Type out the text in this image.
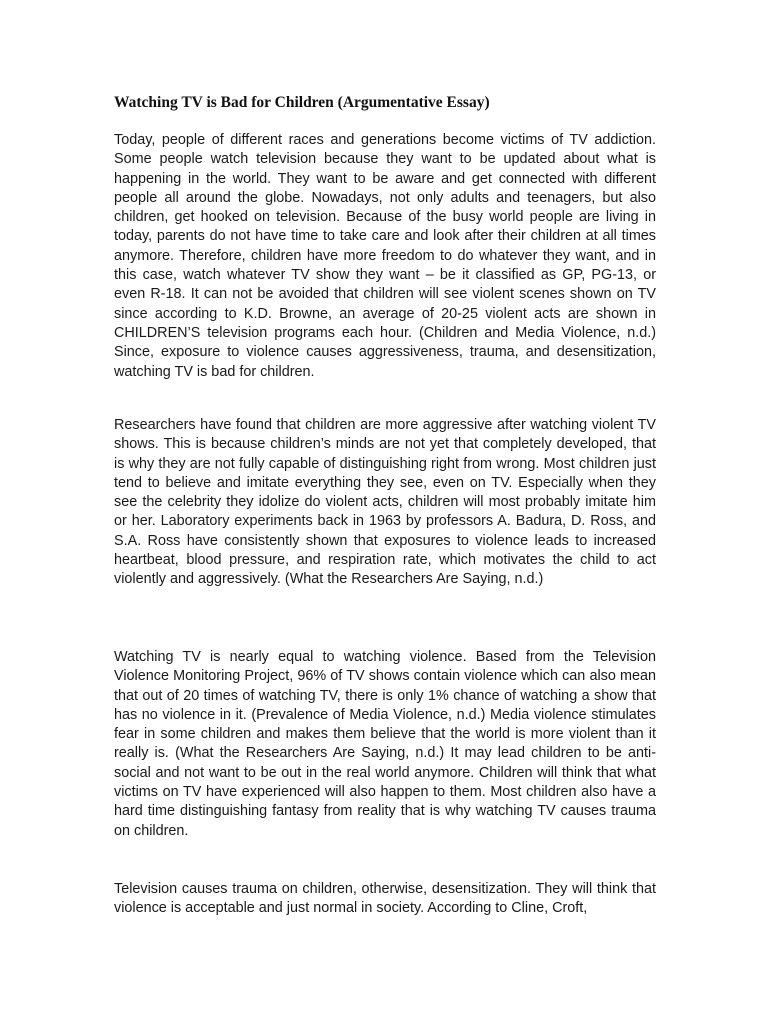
Watching TV is Bad for Children (Argumentative Essay)

Today, people of different races and generations become victims of TV addiction. Some people watch television because they want to be updated about what is happening in the world. They want to be aware and get connected with different people all around the globe. Nowadays, not only adults and teenagers, but also children, get hooked on television. Because of the busy world people are living in today, parents do not have time to take care and look after their children at all times anymore. Therefore, children have more freedom to do whatever they want, and in this case, watch whatever TV show they want – be it classified as GP, PG-13, or even R-18. It can not be avoided that children will see violent scenes shown on TV since according to K.D. Browne, an average of 20-25 violent acts are shown in CHILDREN’S television programs each hour. (Children and Media Violence, n.d.) Since, exposure to violence causes aggressiveness, trauma, and desensitization, watching TV is bad for children.

Researchers have found that children are more aggressive after watching violent TV shows. This is because children’s minds are not yet that completely developed, that is why they are not fully capable of distinguishing right from wrong. Most children just tend to believe and imitate everything they see, even on TV. Especially when they see the celebrity they idolize do violent acts, children will most probably imitate him or her. Laboratory experiments back in 1963 by professors A. Badura, D. Ross, and S.A. Ross have consistently shown that exposures to violence leads to increased heartbeat, blood pressure, and respiration rate, which motivates the child to act violently and aggressively. (What the Researchers Are Saying, n.d.)

Watching TV is nearly equal to watching violence. Based from the Television Violence Monitoring Project, 96% of TV shows contain violence which can also mean that out of 20 times of watching TV, there is only 1% chance of watching a show that has no violence in it. (Prevalence of Media Violence, n.d.) Media violence stimulates fear in some children and makes them believe that the world is more violent than it really is. (What the Researchers Are Saying, n.d.) It may lead children to be anti-social and not want to be out in the real world anymore. Children will think that what victims on TV have experienced will also happen to them. Most children also have a hard time distinguishing fantasy from reality that is why watching TV causes trauma on children.

Television causes trauma on children, otherwise, desensitization. They will think that violence is acceptable and just normal in society. According to Cline, Croft,
